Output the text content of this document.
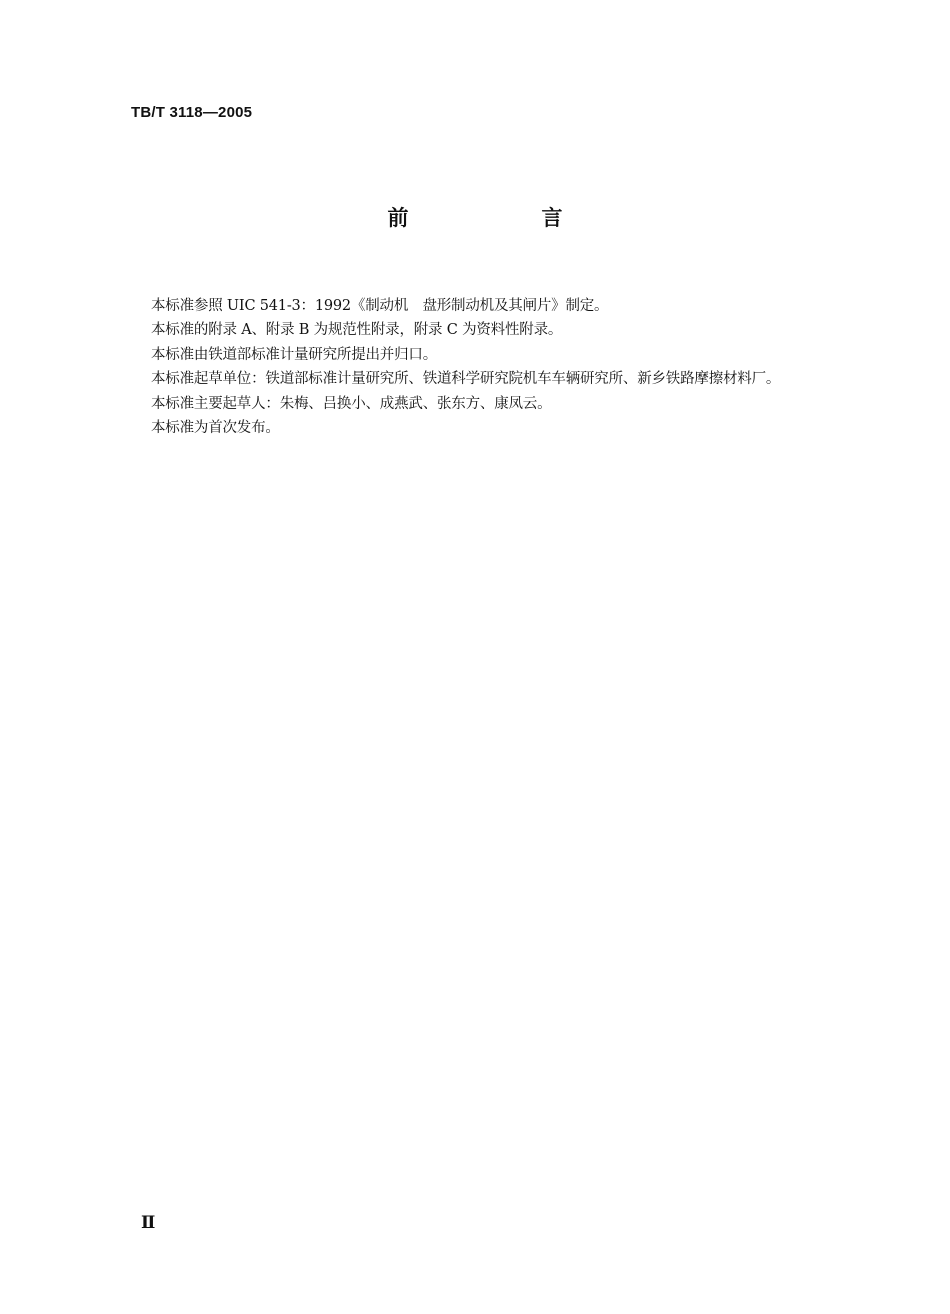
TB/T 3118—2005
前　言
本标准参照 UIC 541-3：1992《制动机　盘形制动机及其闸片》制定。
本标准的附录 A、附录 B 为规范性附录，附录 C 为资料性附录。
本标准由铁道部标准计量研究所提出并归口。
本标准起草单位：铁道部标准计量研究所、铁道科学研究院机车车辆研究所、新乡铁路摩擦材料厂。
本标准主要起草人：朱梅、吕换小、成燕武、张东方、康凤云。
本标准为首次发布。
Ⅱ
